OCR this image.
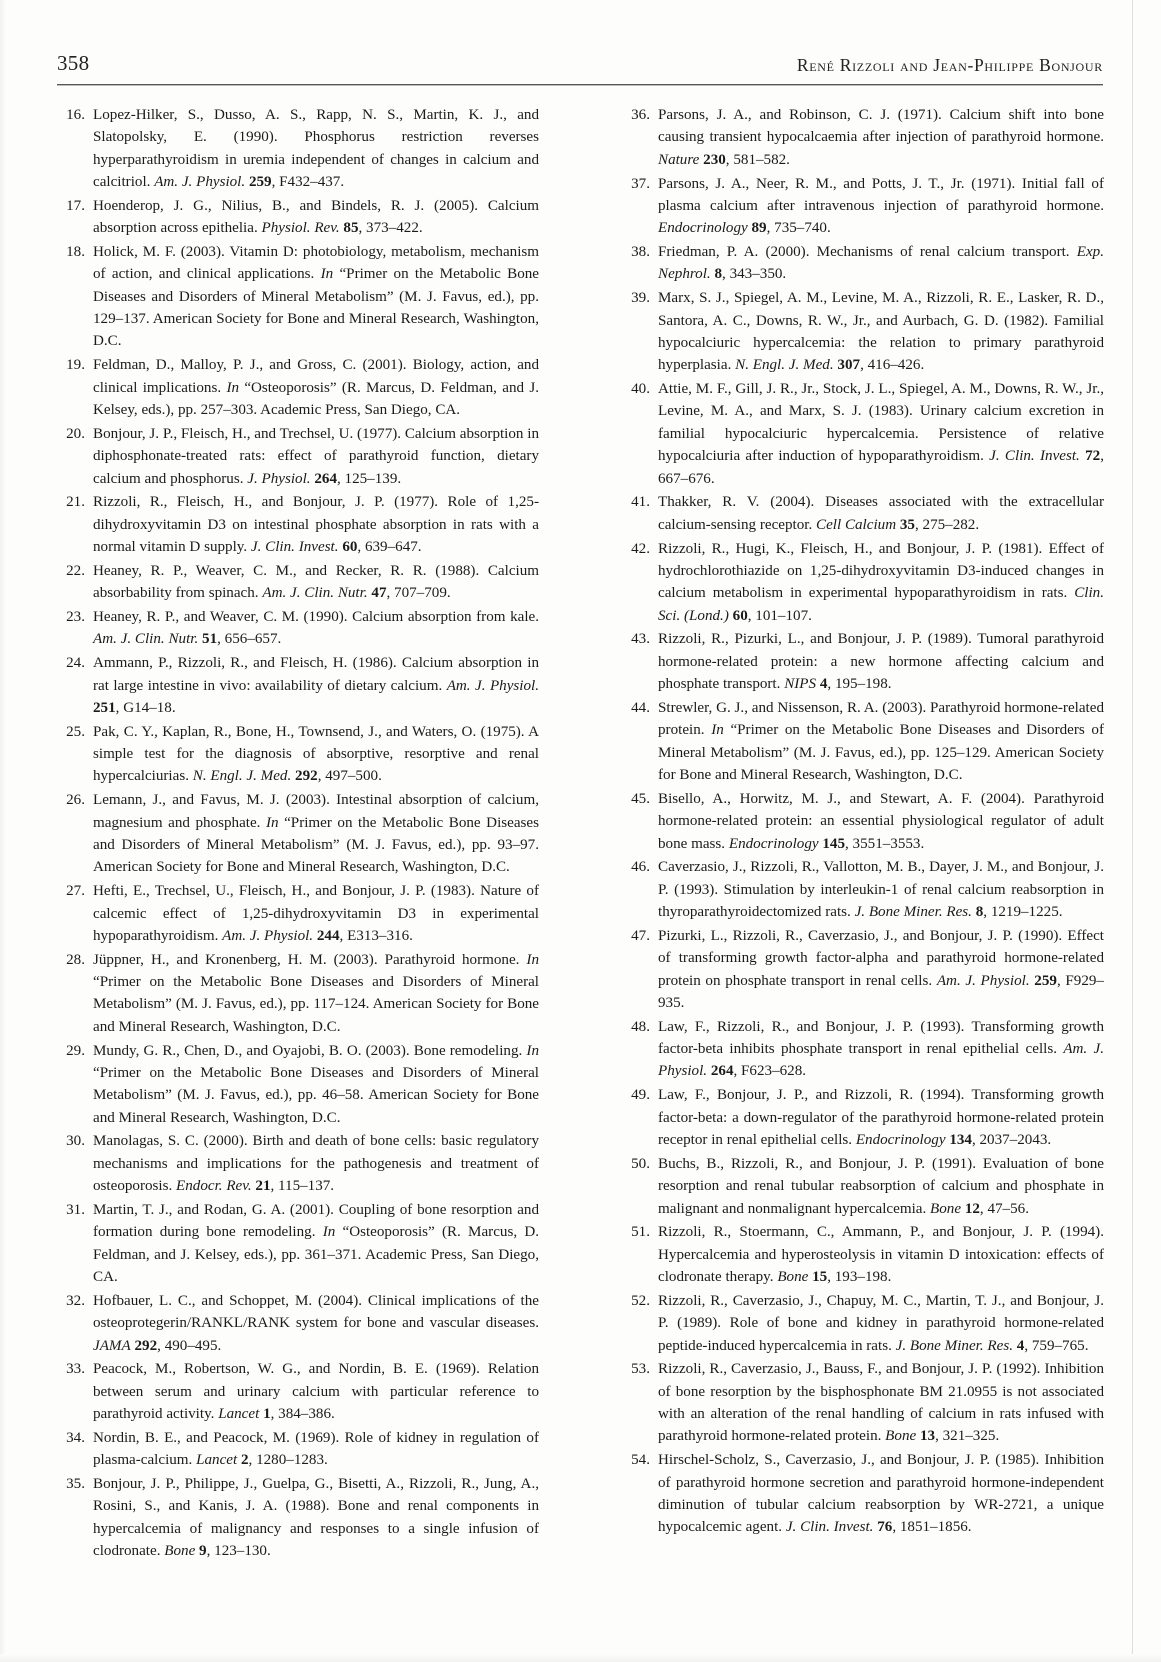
358	René Rizzoli and Jean-Philippe Bonjour
16. Lopez-Hilker, S., Dusso, A. S., Rapp, N. S., Martin, K. J., and Slatopolsky, E. (1990). Phosphorus restriction reverses hyperparathyroidism in uremia independent of changes in calcium and calcitriol. Am. J. Physiol. 259, F432–437.
17. Hoenderop, J. G., Nilius, B., and Bindels, R. J. (2005). Calcium absorption across epithelia. Physiol. Rev. 85, 373–422.
18. Holick, M. F. (2003). Vitamin D: photobiology, metabolism, mechanism of action, and clinical applications. In “Primer on the Metabolic Bone Diseases and Disorders of Mineral Metabolism” (M. J. Favus, ed.), pp. 129–137. American Society for Bone and Mineral Research, Washington, D.C.
19. Feldman, D., Malloy, P. J., and Gross, C. (2001). Biology, action, and clinical implications. In “Osteoporosis” (R. Marcus, D. Feldman, and J. Kelsey, eds.), pp. 257–303. Academic Press, San Diego, CA.
20. Bonjour, J. P., Fleisch, H., and Trechsel, U. (1977). Calcium absorption in diphosphonate-treated rats: effect of parathyroid function, dietary calcium and phosphorus. J. Physiol. 264, 125–139.
21. Rizzoli, R., Fleisch, H., and Bonjour, J. P. (1977). Role of 1,25-dihydroxyvitamin D3 on intestinal phosphate absorption in rats with a normal vitamin D supply. J. Clin. Invest. 60, 639–647.
22. Heaney, R. P., Weaver, C. M., and Recker, R. R. (1988). Calcium absorbability from spinach. Am. J. Clin. Nutr. 47, 707–709.
23. Heaney, R. P., and Weaver, C. M. (1990). Calcium absorption from kale. Am. J. Clin. Nutr. 51, 656–657.
24. Ammann, P., Rizzoli, R., and Fleisch, H. (1986). Calcium absorption in rat large intestine in vivo: availability of dietary calcium. Am. J. Physiol. 251, G14–18.
25. Pak, C. Y., Kaplan, R., Bone, H., Townsend, J., and Waters, O. (1975). A simple test for the diagnosis of absorptive, resorptive and renal hypercalciurias. N. Engl. J. Med. 292, 497–500.
26. Lemann, J., and Favus, M. J. (2003). Intestinal absorption of calcium, magnesium and phosphate. In “Primer on the Metabolic Bone Diseases and Disorders of Mineral Metabolism” (M. J. Favus, ed.), pp. 93–97. American Society for Bone and Mineral Research, Washington, D.C.
27. Hefti, E., Trechsel, U., Fleisch, H., and Bonjour, J. P. (1983). Nature of calcemic effect of 1,25-dihydroxyvitamin D3 in experimental hypoparathyroidism. Am. J. Physiol. 244, E313–316.
28. Jüppner, H., and Kronenberg, H. M. (2003). Parathyroid hormone. In “Primer on the Metabolic Bone Diseases and Disorders of Mineral Metabolism” (M. J. Favus, ed.), pp. 117–124. American Society for Bone and Mineral Research, Washington, D.C.
29. Mundy, G. R., Chen, D., and Oyajobi, B. O. (2003). Bone remodeling. In “Primer on the Metabolic Bone Diseases and Disorders of Mineral Metabolism” (M. J. Favus, ed.), pp. 46–58. American Society for Bone and Mineral Research, Washington, D.C.
30. Manolagas, S. C. (2000). Birth and death of bone cells: basic regulatory mechanisms and implications for the pathogenesis and treatment of osteoporosis. Endocr. Rev. 21, 115–137.
31. Martin, T. J., and Rodan, G. A. (2001). Coupling of bone resorption and formation during bone remodeling. In “Osteoporosis” (R. Marcus, D. Feldman, and J. Kelsey, eds.), pp. 361–371. Academic Press, San Diego, CA.
32. Hofbauer, L. C., and Schoppet, M. (2004). Clinical implications of the osteoprotegerin/RANKL/RANK system for bone and vascular diseases. JAMA 292, 490–495.
33. Peacock, M., Robertson, W. G., and Nordin, B. E. (1969). Relation between serum and urinary calcium with particular reference to parathyroid activity. Lancet 1, 384–386.
34. Nordin, B. E., and Peacock, M. (1969). Role of kidney in regulation of plasma-calcium. Lancet 2, 1280–1283.
35. Bonjour, J. P., Philippe, J., Guelpa, G., Bisetti, A., Rizzoli, R., Jung, A., Rosini, S., and Kanis, J. A. (1988). Bone and renal components in hypercalcemia of malignancy and responses to a single infusion of clodronate. Bone 9, 123–130.
36. Parsons, J. A., and Robinson, C. J. (1971). Calcium shift into bone causing transient hypocalcaemia after injection of parathyroid hormone. Nature 230, 581–582.
37. Parsons, J. A., Neer, R. M., and Potts, J. T., Jr. (1971). Initial fall of plasma calcium after intravenous injection of parathyroid hormone. Endocrinology 89, 735–740.
38. Friedman, P. A. (2000). Mechanisms of renal calcium transport. Exp. Nephrol. 8, 343–350.
39. Marx, S. J., Spiegel, A. M., Levine, M. A., Rizzoli, R. E., Lasker, R. D., Santora, A. C., Downs, R. W., Jr., and Aurbach, G. D. (1982). Familial hypocalciuric hypercalcemia: the relation to primary parathyroid hyperplasia. N. Engl. J. Med. 307, 416–426.
40. Attie, M. F., Gill, J. R., Jr., Stock, J. L., Spiegel, A. M., Downs, R. W., Jr., Levine, M. A., and Marx, S. J. (1983). Urinary calcium excretion in familial hypocalciuric hypercalcemia. Persistence of relative hypocalciuria after induction of hypoparathyroidism. J. Clin. Invest. 72, 667–676.
41. Thakker, R. V. (2004). Diseases associated with the extracellular calcium-sensing receptor. Cell Calcium 35, 275–282.
42. Rizzoli, R., Hugi, K., Fleisch, H., and Bonjour, J. P. (1981). Effect of hydrochlorothiazide on 1,25-dihydroxyvitamin D3-induced changes in calcium metabolism in experimental hypoparathyroidism in rats. Clin. Sci. (Lond.) 60, 101–107.
43. Rizzoli, R., Pizurki, L., and Bonjour, J. P. (1989). Tumoral parathyroid hormone-related protein: a new hormone affecting calcium and phosphate transport. NIPS 4, 195–198.
44. Strewler, G. J., and Nissenson, R. A. (2003). Parathyroid hormone-related protein. In “Primer on the Metabolic Bone Diseases and Disorders of Mineral Metabolism” (M. J. Favus, ed.), pp. 125–129. American Society for Bone and Mineral Research, Washington, D.C.
45. Bisello, A., Horwitz, M. J., and Stewart, A. F. (2004). Parathyroid hormone-related protein: an essential physiological regulator of adult bone mass. Endocrinology 145, 3551–3553.
46. Caverzasio, J., Rizzoli, R., Vallotton, M. B., Dayer, J. M., and Bonjour, J. P. (1993). Stimulation by interleukin-1 of renal calcium reabsorption in thyroparathyroidectomized rats. J. Bone Miner. Res. 8, 1219–1225.
47. Pizurki, L., Rizzoli, R., Caverzasio, J., and Bonjour, J. P. (1990). Effect of transforming growth factor-alpha and parathyroid hormone-related protein on phosphate transport in renal cells. Am. J. Physiol. 259, F929–935.
48. Law, F., Rizzoli, R., and Bonjour, J. P. (1993). Transforming growth factor-beta inhibits phosphate transport in renal epithelial cells. Am. J. Physiol. 264, F623–628.
49. Law, F., Bonjour, J. P., and Rizzoli, R. (1994). Transforming growth factor-beta: a down-regulator of the parathyroid hormone-related protein receptor in renal epithelial cells. Endocrinology 134, 2037–2043.
50. Buchs, B., Rizzoli, R., and Bonjour, J. P. (1991). Evaluation of bone resorption and renal tubular reabsorption of calcium and phosphate in malignant and nonmalignant hypercalcemia. Bone 12, 47–56.
51. Rizzoli, R., Stoermann, C., Ammann, P., and Bonjour, J. P. (1994). Hypercalcemia and hyperosteolysis in vitamin D intoxication: effects of clodronate therapy. Bone 15, 193–198.
52. Rizzoli, R., Caverzasio, J., Chapuy, M. C., Martin, T. J., and Bonjour, J. P. (1989). Role of bone and kidney in parathyroid hormone-related peptide-induced hypercalcemia in rats. J. Bone Miner. Res. 4, 759–765.
53. Rizzoli, R., Caverzasio, J., Bauss, F., and Bonjour, J. P. (1992). Inhibition of bone resorption by the bisphosphonate BM 21.0955 is not associated with an alteration of the renal handling of calcium in rats infused with parathyroid hormone-related protein. Bone 13, 321–325.
54. Hirschel-Scholz, S., Caverzasio, J., and Bonjour, J. P. (1985). Inhibition of parathyroid hormone secretion and parathyroid hormone-independent diminution of tubular calcium reabsorption by WR-2721, a unique hypocalcemic agent. J. Clin. Invest. 76, 1851–1856.
